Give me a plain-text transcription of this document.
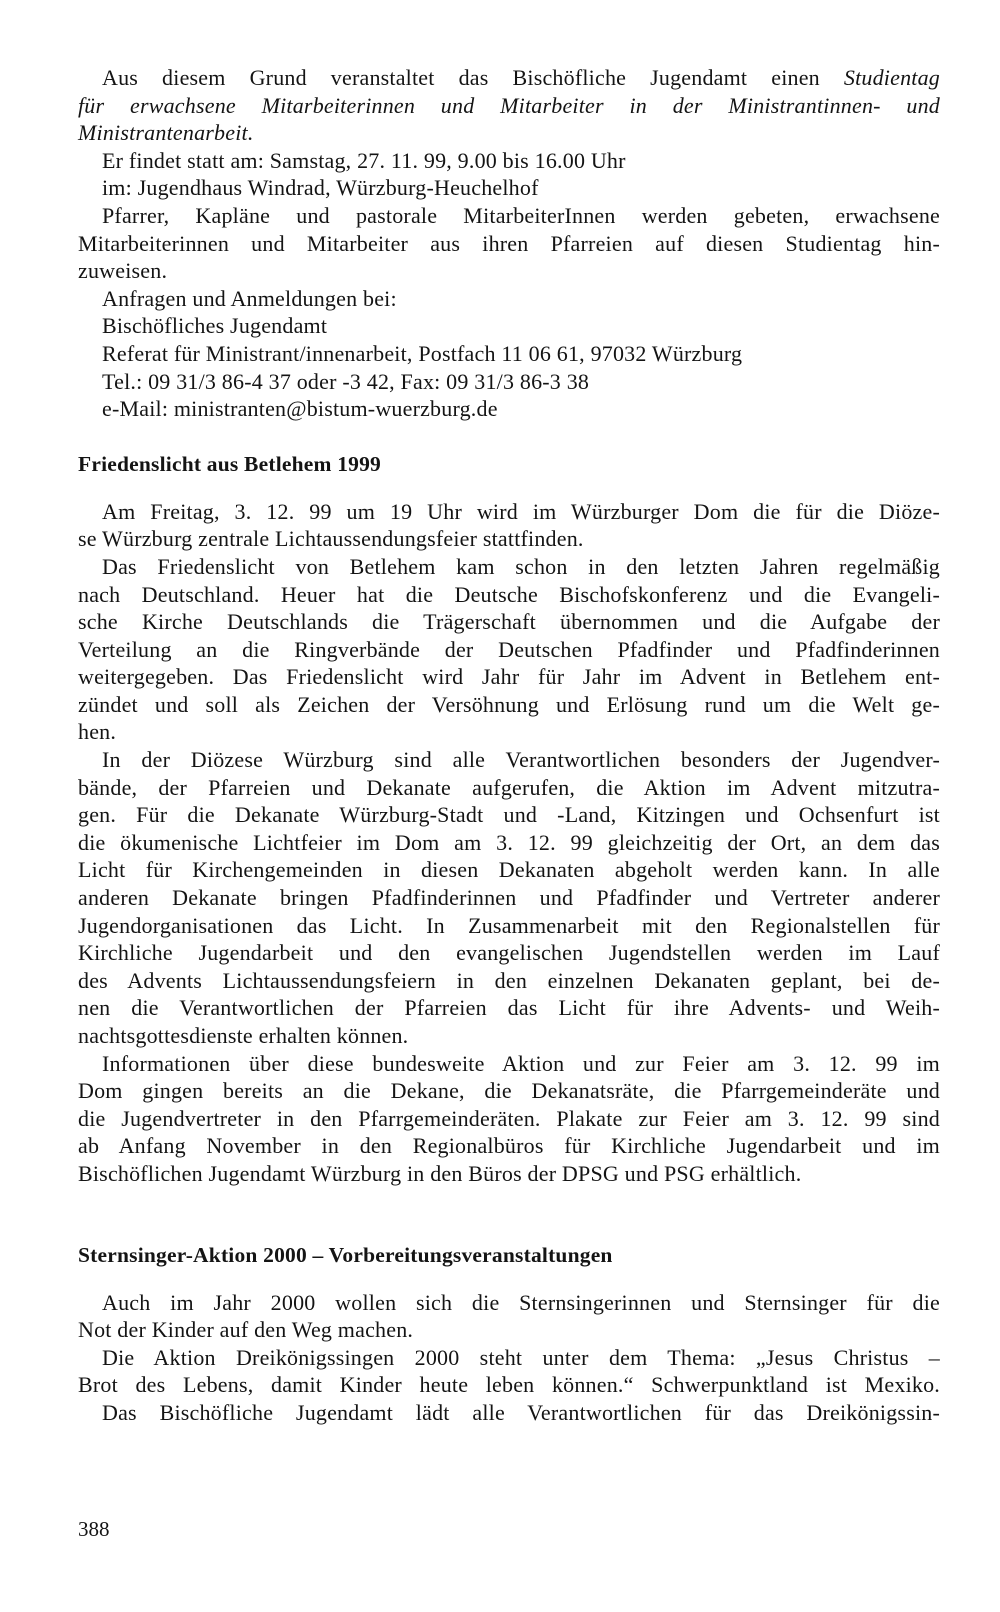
Aus diesem Grund veranstaltet das Bischöfliche Jugendamt einen Studientag
für erwachsene Mitarbeiterinnen und Mitarbeiter in der Ministrantinnen- und
Ministrantenarbeit.
Er findet statt am: Samstag, 27. 11. 99, 9.00 bis 16.00 Uhr
im: Jugendhaus Windrad, Würzburg-Heuchelhof
Pfarrer, Kapläne und pastorale MitarbeiterInnen werden gebeten, erwachsene
Mitarbeiterinnen und Mitarbeiter aus ihren Pfarreien auf diesen Studientag hin-
zuweisen.
Anfragen und Anmeldungen bei:
Bischöfliches Jugendamt
Referat für Ministrant/innenarbeit, Postfach 11 06 61, 97032 Würzburg
Tel.: 09 31/3 86-4 37 oder -3 42, Fax: 09 31/3 86-3 38
e-Mail: ministranten@bistum-wuerzburg.de
Friedenslicht aus Betlehem 1999
Am Freitag, 3. 12. 99 um 19 Uhr wird im Würzburger Dom die für die Diöze-
se Würzburg zentrale Lichtaussendungsfeier stattfinden.
Das Friedenslicht von Betlehem kam schon in den letzten Jahren regelmäßig
nach Deutschland. Heuer hat die Deutsche Bischofskonferenz und die Evangeli-
sche Kirche Deutschlands die Trägerschaft übernommen und die Aufgabe der
Verteilung an die Ringverbände der Deutschen Pfadfinder und Pfadfinderinnen
weitergegeben. Das Friedenslicht wird Jahr für Jahr im Advent in Betlehem ent-
zündet und soll als Zeichen der Versöhnung und Erlösung rund um die Welt ge-
hen.
In der Diözese Würzburg sind alle Verantwortlichen besonders der Jugendver-
bände, der Pfarreien und Dekanate aufgerufen, die Aktion im Advent mitzutra-
gen. Für die Dekanate Würzburg-Stadt und -Land, Kitzingen und Ochsenfurt ist
die ökumenische Lichtfeier im Dom am 3. 12. 99 gleichzeitig der Ort, an dem das
Licht für Kirchengemeinden in diesen Dekanaten abgeholt werden kann. In alle
anderen Dekanate bringen Pfadfinderinnen und Pfadfinder und Vertreter anderer
Jugendorganisationen das Licht. In Zusammenarbeit mit den Regionalstellen für
Kirchliche Jugendarbeit und den evangelischen Jugendstellen werden im Lauf
des Advents Lichtaussendungsfeiern in den einzelnen Dekanaten geplant, bei de-
nen die Verantwortlichen der Pfarreien das Licht für ihre Advents- und Weih-
nachtsgottesdienste erhalten können.
Informationen über diese bundesweite Aktion und zur Feier am 3. 12. 99 im
Dom gingen bereits an die Dekane, die Dekanatsräte, die Pfarrgemeinderäte und
die Jugendvertreter in den Pfarrgemeinderäten. Plakate zur Feier am 3. 12. 99 sind
ab Anfang November in den Regionalbüros für Kirchliche Jugendarbeit und im
Bischöflichen Jugendamt Würzburg in den Büros der DPSG und PSG erhältlich.
Sternsinger-Aktion 2000 – Vorbereitungsveranstaltungen
Auch im Jahr 2000 wollen sich die Sternsingerinnen und Sternsinger für die
Not der Kinder auf den Weg machen.
Die Aktion Dreikönigssingen 2000 steht unter dem Thema: „Jesus Christus –
Brot des Lebens, damit Kinder heute leben können.“ Schwerpunktland ist Mexiko.
Das Bischöfliche Jugendamt lädt alle Verantwortlichen für das Dreikönigssin-
388
